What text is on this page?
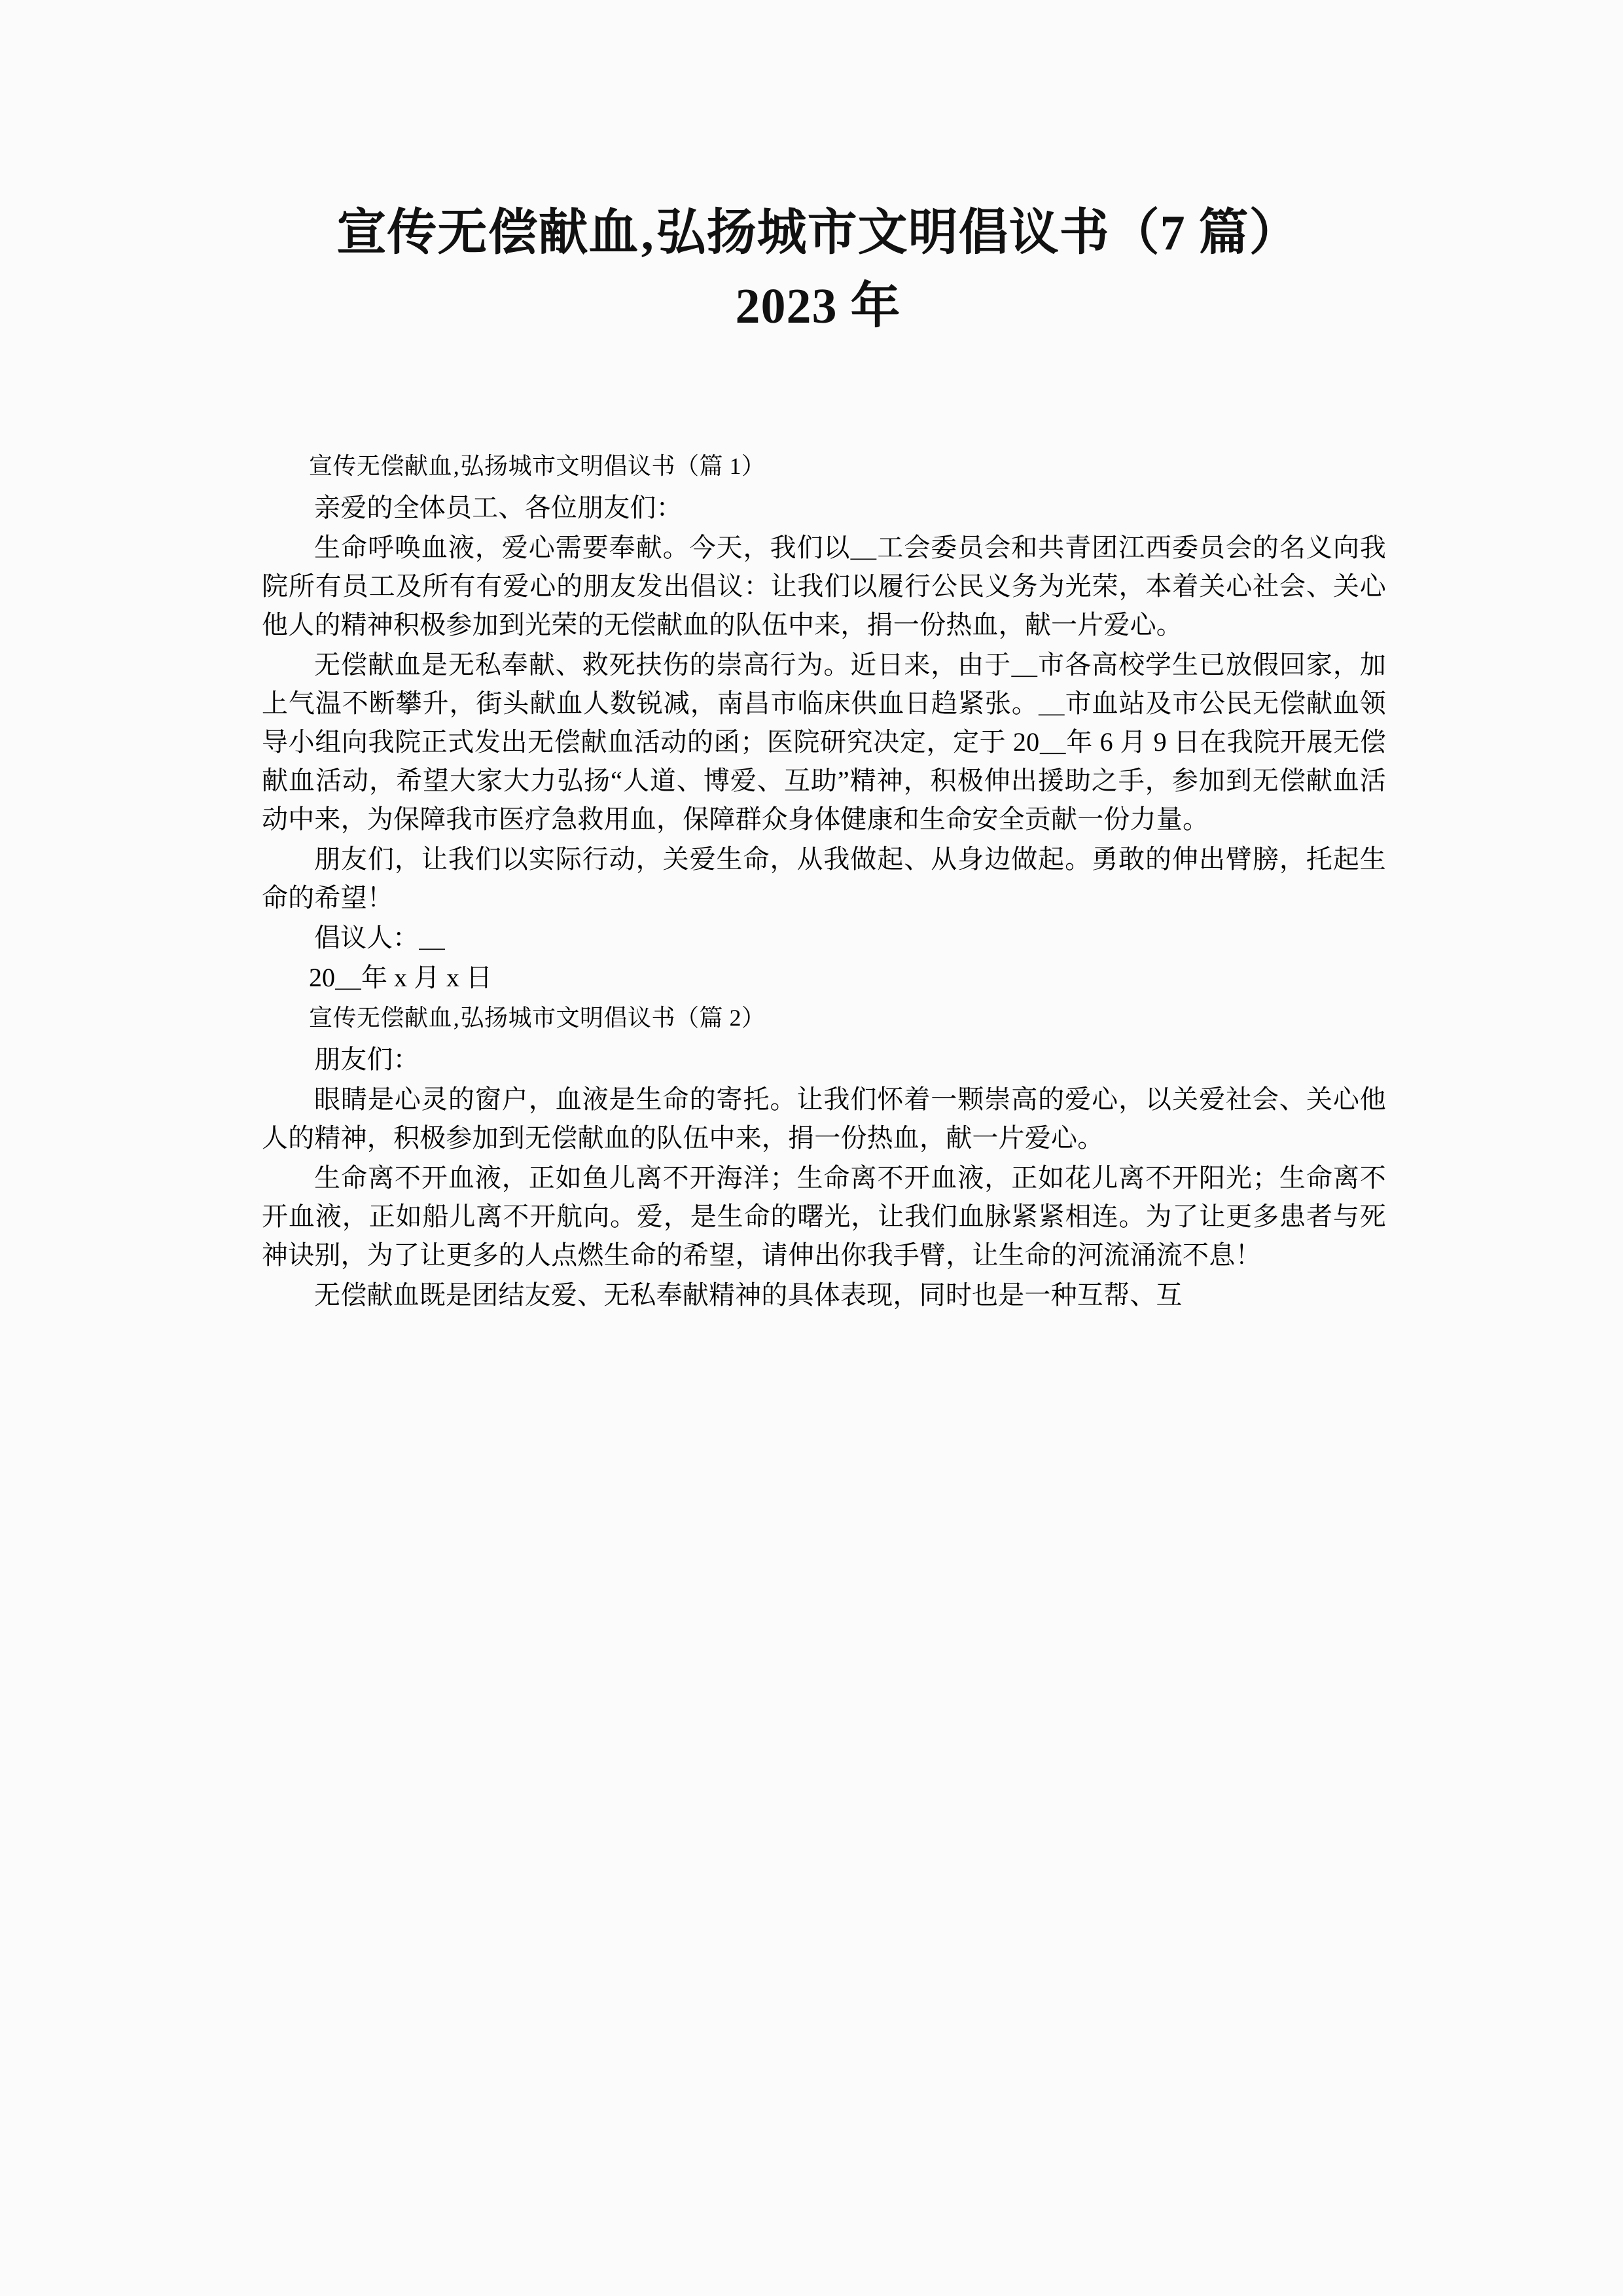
宣传无偿献血‚弘扬城市文明倡议书（7 篇）
2023 年

宣传无偿献血‚弘扬城市文明倡议书（篇 1）

亲爱的全体员工、各位朋友们：

生命呼唤血液，爱心需要奉献。今天，我们以＿工会委员会和共青团江西委员会的名义向我院所有员工及所有有爱心的朋友发出倡议：让我们以履行公民义务为光荣，本着关心社会、关心他人的精神积极参加到光荣的无偿献血的队伍中来，捐一份热血，献一片爱心。

无偿献血是无私奉献、救死扶伤的崇高行为。近日来，由于＿市各高校学生已放假回家，加上气温不断攀升，街头献血人数锐减，南昌市临床供血日趋紧张。＿市血站及市公民无偿献血领导小组向我院正式发出无偿献血活动的函；医院研究决定，定于 20＿年 6 月 9 日在我院开展无偿献血活动，希望大家大力弘扬“人道、博爱、互助”精神，积极伸出援助之手，参加到无偿献血活动中来，为保障我市医疗急救用血，保障群众身体健康和生命安全贡献一份力量。

朋友们，让我们以实际行动，关爱生命，从我做起、从身边做起。勇敢的伸出臂膀，托起生命的希望！

倡议人：＿

20＿年 x 月 x 日

宣传无偿献血‚弘扬城市文明倡议书（篇 2）

朋友们：

眼睛是心灵的窗户，血液是生命的寄托。让我们怀着一颗崇高的爱心，以关爱社会、关心他人的精神，积极参加到无偿献血的队伍中来，捐一份热血，献一片爱心。

生命离不开血液，正如鱼儿离不开海洋；生命离不开血液，正如花儿离不开阳光；生命离不开血液，正如船儿离不开航向。爱，是生命的曙光，让我们血脉紧紧相连。为了让更多患者与死神诀别，为了让更多的人点燃生命的希望，请伸出你我手臂，让生命的河流涌流不息！

无偿献血既是团结友爱、无私奉献精神的具体表现，同时也是一种互帮、互
